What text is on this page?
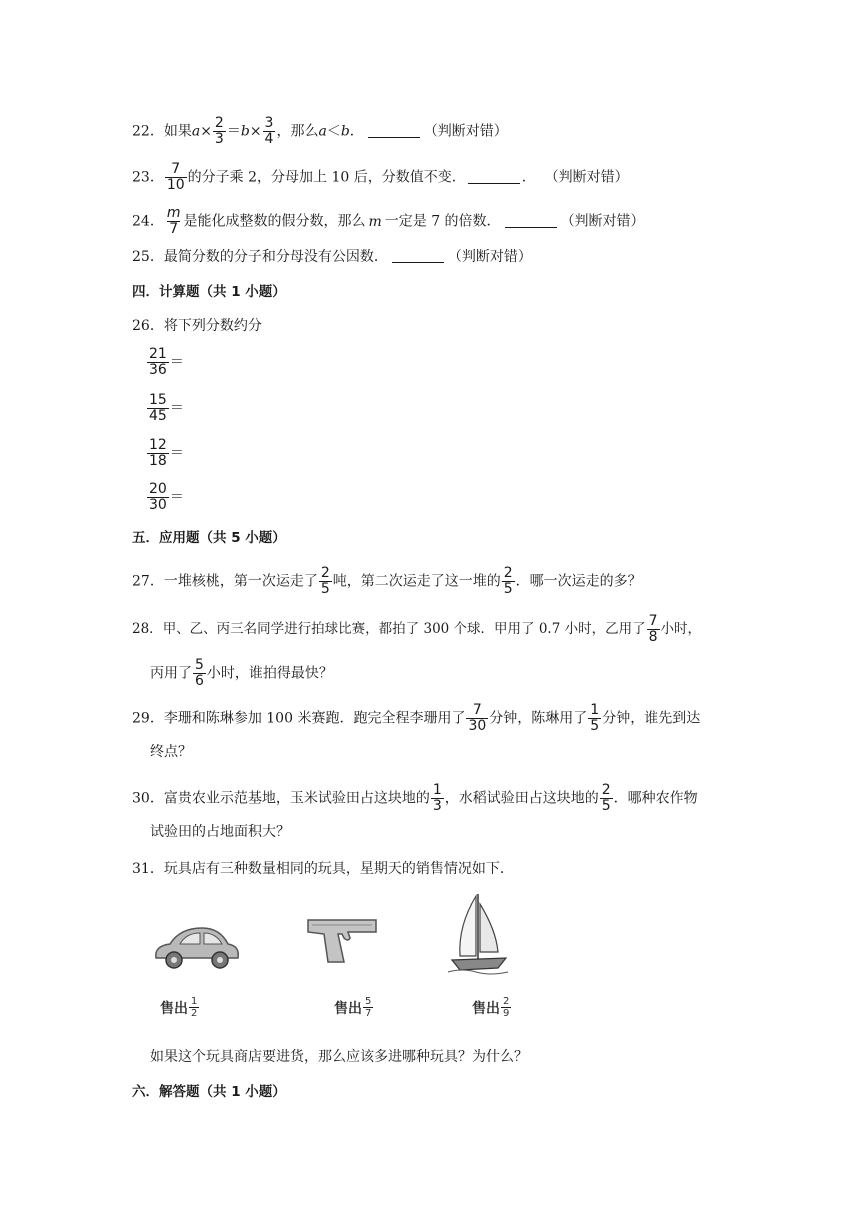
22．如果$a\times \frac{2}{3} =b\times \frac{3}{4}$ ，那么a＜b．	（判断对错）
23． $\frac{7}{10}$ 的分子乘 2，分母加上 10 后，分数值不变．	． （判断对错）
24． $\frac{m}{7}$ 是能化成整数的假分数，那么 m 一定是 7 的倍数．	（判断对错）
25．最简分数的分子和分母没有公因数．	（判断对错）
四．计算题（共 1 小题）
26．将下列分数约分
$\frac{21}{36}$ ＝
$\frac{15}{45}$ ＝
$\frac{12}{18}$ ＝
$\frac{20}{30}$ ＝
五．应用题（共 5 小题）
27．一堆核桃，第一次运走了 $\frac{2}{5}$ 吨，第二次运走了这一堆的 $\frac{2}{5}$ ．哪一次运走的多？
28．甲、乙、丙三名同学进行拍球比赛，都拍了 300 个球．甲用了 0.7 小时，乙用了 $\frac{7}{8}$ 小时，
丙用了 $\frac{5}{6}$ 小时，谁拍得最快？
29．李珊和陈琳参加 100 米赛跑．跑完全程李珊用了 $\frac{7}{30}$ 分钟，陈琳用了 $\frac{1}{5}$ 分钟，谁先到达
终点？
30．富贵农业示范基地，玉米试验田占这块地的 $\frac{1}{3}$ ，水稻试验田占这块地的 $\frac{2}{5}$ ．哪种农作物
试验田的占地面积大？
31．玩具店有三种数量相同的玩具，星期天的销售情况如下．
售出 $\frac{1}{2}$	售出 $\frac{5}{7}$	售出 $\frac{2}{9}$
如果这个玩具商店要进货，那么应该多进哪种玩具？为什么？
六．解答题（共 1 小题）
